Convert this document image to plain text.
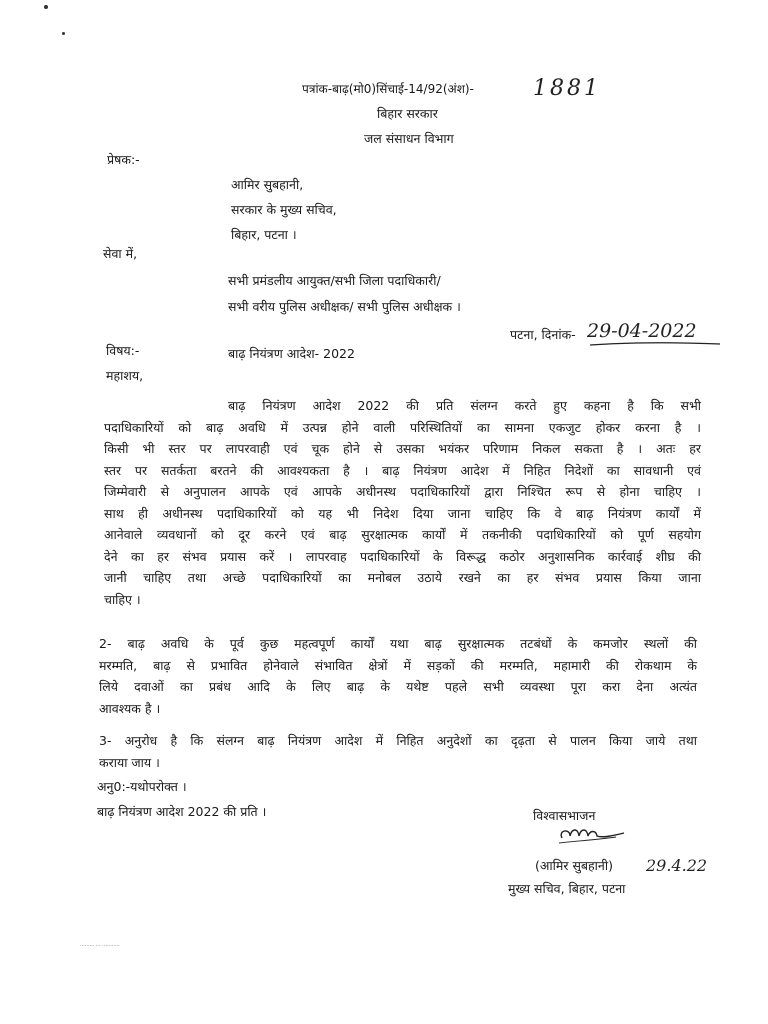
पत्रांक-बाढ़(मो0)सिंचाई-14/92(अंश)-	1881
बिहार सरकार
जल संसाधन विभाग
प्रेषक:-
आमिर सुबहानी,
सरकार के मुख्य सचिव,
बिहार, पटना ।
सेवा में,
सभी प्रमंडलीय आयुक्त/सभी जिला पदाधिकारी/
सभी वरीय पुलिस अधीक्षक/ सभी पुलिस अधीक्षक ।
पटना, दिनांक- 29-04-2022
विषय:-	बाढ़ नियंत्रण आदेश- 2022
महाशय,
बाढ़ नियंत्रण आदेश 2022 की प्रति संलग्न करते हुए कहना है कि सभी
पदाधिकारियों को बाढ़ अवधि में उत्पन्न होने वाली परिस्थितियों का सामना एकजुट होकर करना है ।
किसी भी स्तर पर लापरवाही एवं चूक होने से उसका भयंकर परिणाम निकल सकता है । अतः हर
स्तर पर सतर्कता बरतने की आवश्यकता है । बाढ़ नियंत्रण आदेश में निहित निदेशों का सावधानी एवं
जिम्मेवारी से अनुपालन आपके एवं आपके अधीनस्थ पदाधिकारियों द्वारा निश्चित रूप से होना चाहिए ।
साथ ही अधीनस्थ पदाधिकारियों को यह भी निदेश दिया जाना चाहिए कि वे बाढ़ नियंत्रण कार्यों में
आनेवाले व्यवधानों को दूर करने एवं बाढ़ सुरक्षात्मक कार्यों में तकनीकी पदाधिकारियों को पूर्ण सहयोग
देने का हर संभव प्रयास करें । लापरवाह पदाधिकारियों के विरूद्ध कठोर अनुशासनिक कार्रवाई शीघ्र की
जानी चाहिए तथा अच्छे पदाधिकारियों का मनोबल उठाये रखने का हर संभव प्रयास किया जाना
चाहिए ।
2- बाढ़ अवधि के पूर्व कुछ महत्वपूर्ण कार्यों यथा बाढ़ सुरक्षात्मक तटबंधों के कमजोर स्थलों की
मरम्मति, बाढ़ से प्रभावित होनेवाले संभावित क्षेत्रों में सड़कों की मरम्मति, महामारी की रोकथाम के
लिये दवाओं का प्रबंध आदि के लिए बाढ़ के यथेष्ट पहले सभी व्यवस्था पूरा करा देना अत्यंत
आवश्यक है ।
3- अनुरोध है कि संलग्न बाढ़ नियंत्रण आदेश में निहित अनुदेशों का दृढ़ता से पालन किया जाये तथा
कराया जाय ।
अनु0:-यथोपरोक्त ।
बाढ़ नियंत्रण आदेश 2022 की प्रति ।	विश्वासभाजन
(आमिर सुबहानी) 29.4.22
मुख्य सचिव, बिहार, पटना
········· ··· ···········
